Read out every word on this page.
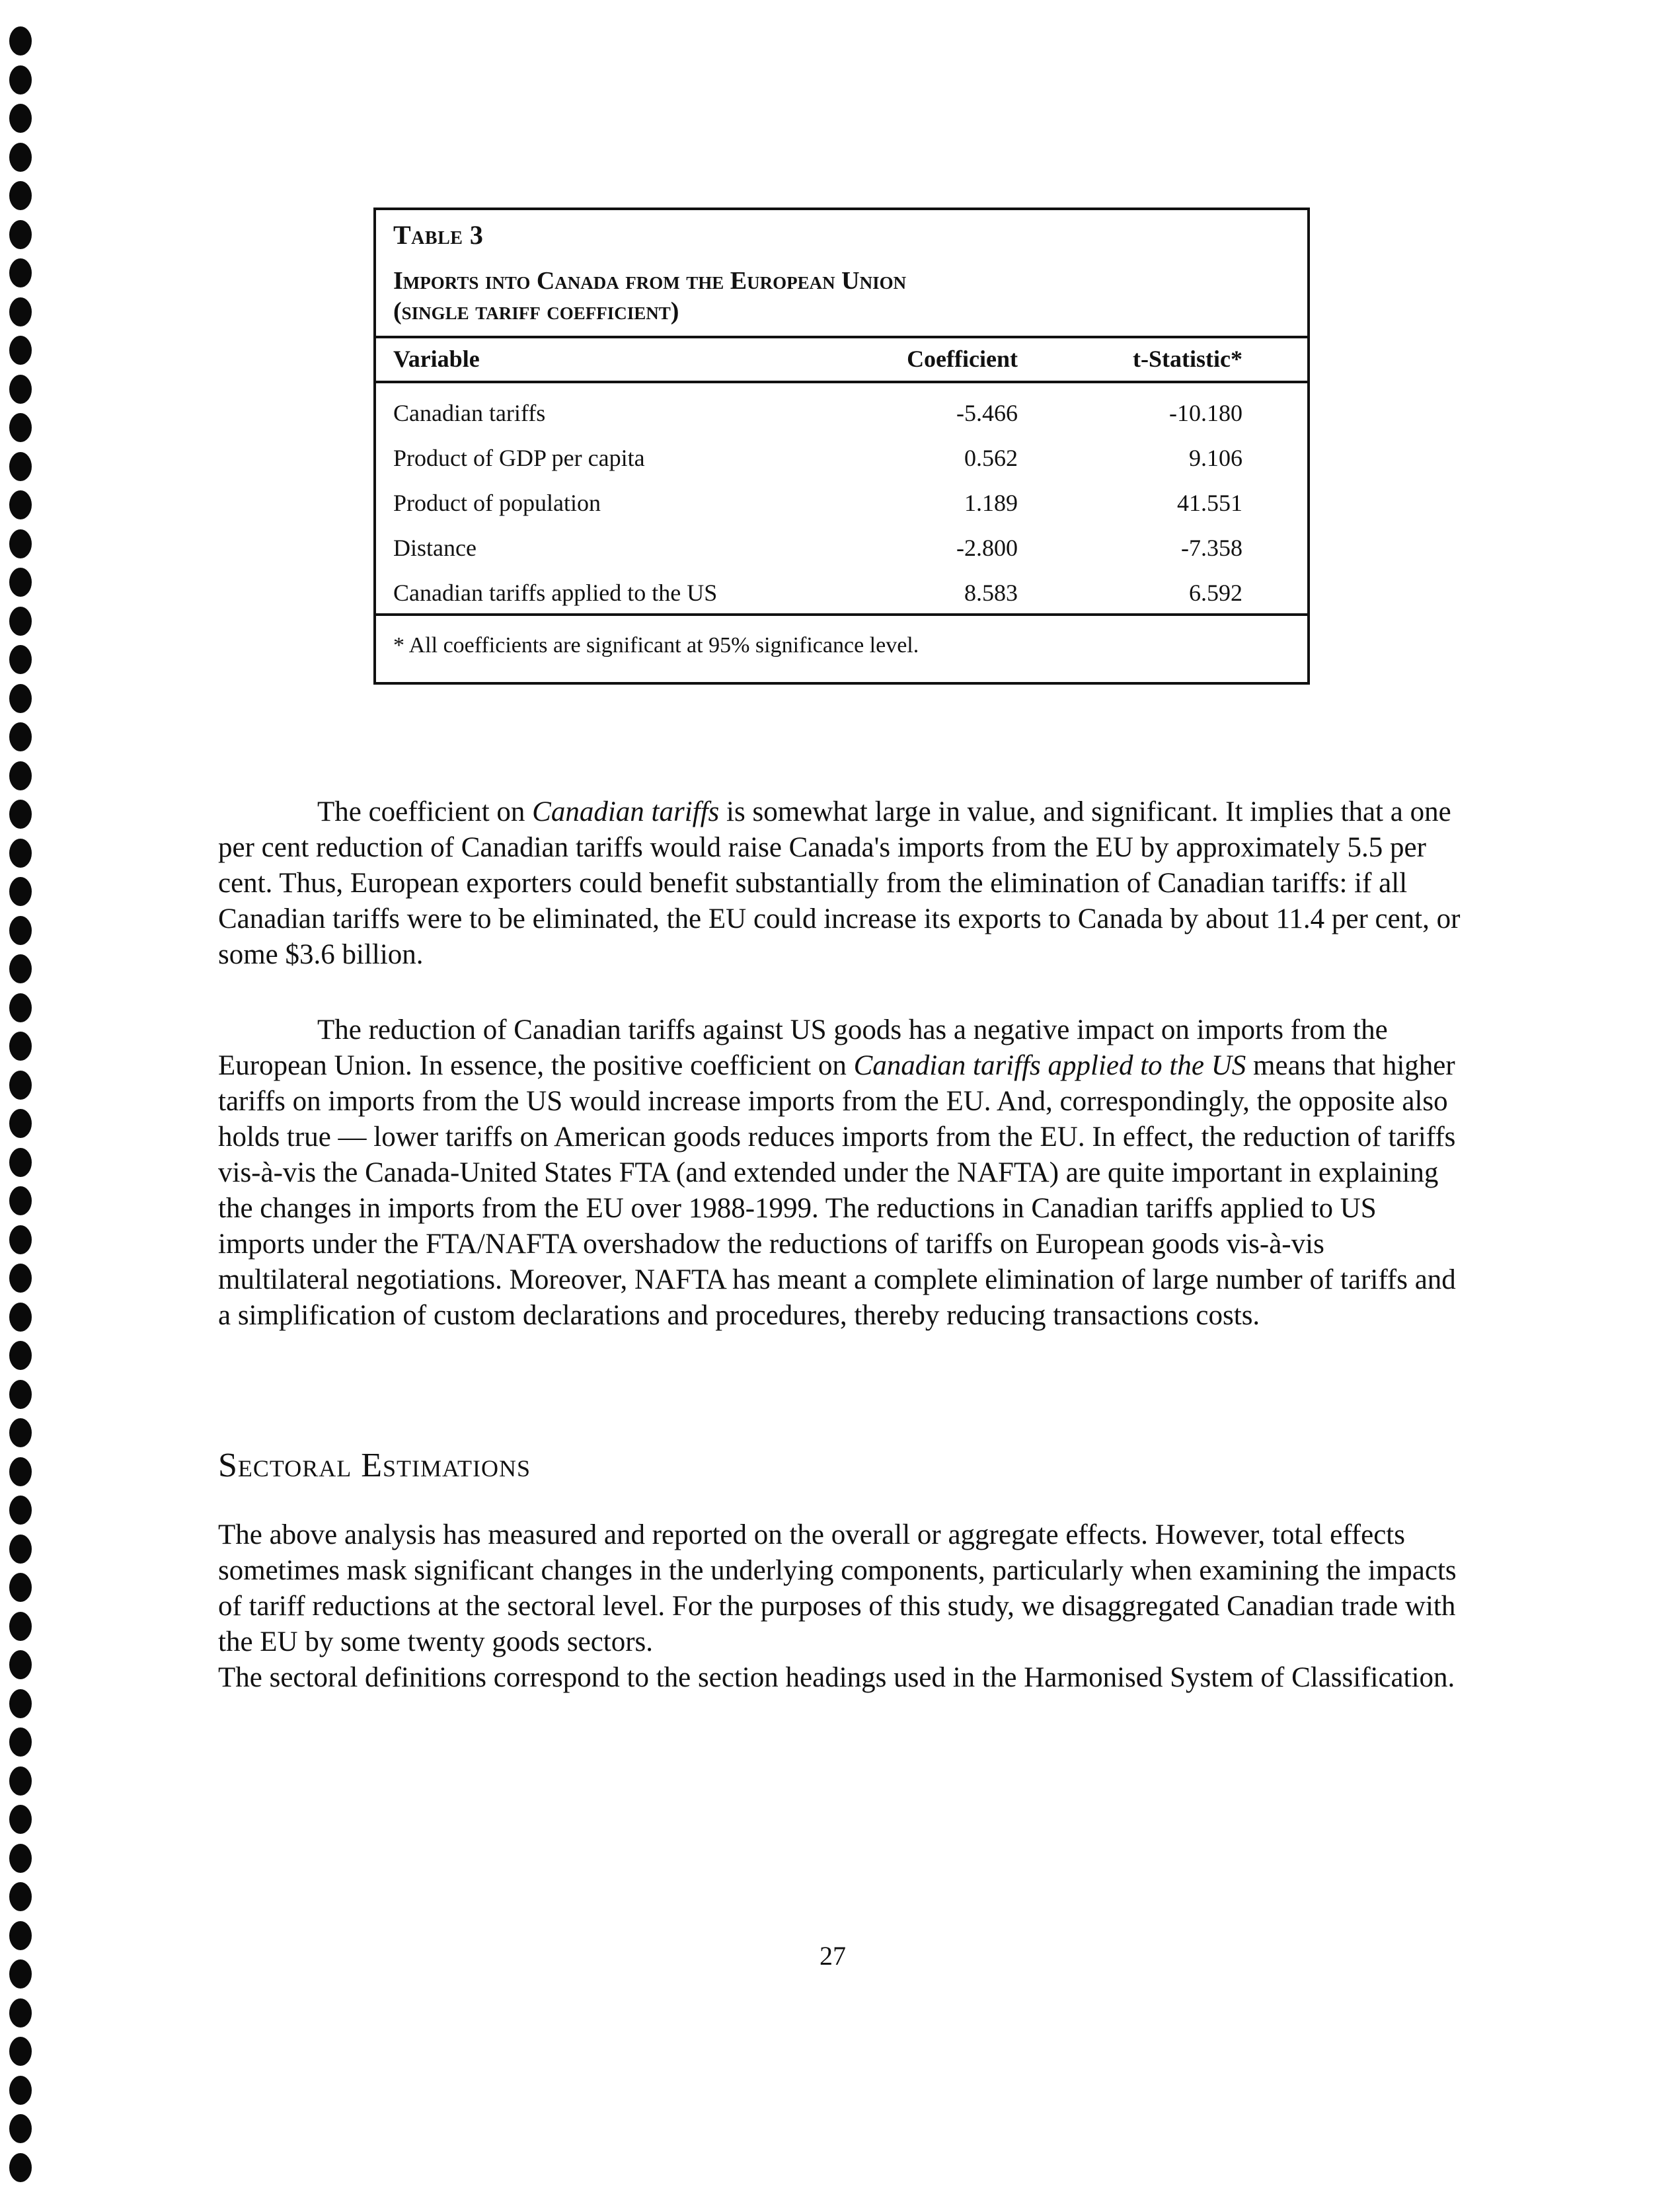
Table 3
Imports into Canada from the European Union
(single tariff coefficient)
Variable	Coefficient	t-Statistic*
Canadian tariffs	-5.466	-10.180
Product of GDP per capita	0.562	9.106
Product of population	1.189	41.551
Distance	-2.800	-7.358
Canadian tariffs applied to the US	8.583	6.592
* All coefficients are significant at 95% significance level.

The coefficient on Canadian tariffs is somewhat large in value, and significant. It implies that a one per cent reduction of Canadian tariffs would raise Canada's imports from the EU by approximately 5.5 per cent. Thus, European exporters could benefit substantially from the elimination of Canadian tariffs: if all Canadian tariffs were to be eliminated, the EU could increase its exports to Canada by about 11.4 per cent, or some $3.6 billion.

The reduction of Canadian tariffs against US goods has a negative impact on imports from the European Union. In essence, the positive coefficient on Canadian tariffs applied to the US means that higher tariffs on imports from the US would increase imports from the EU. And, correspondingly, the opposite also holds true — lower tariffs on American goods reduces imports from the EU. In effect, the reduction of tariffs vis-à-vis the Canada-United States FTA (and extended under the NAFTA) are quite important in explaining the changes in imports from the EU over 1988-1999. The reductions in Canadian tariffs applied to US imports under the FTA/NAFTA overshadow the reductions of tariffs on European goods vis-à-vis multilateral negotiations. Moreover, NAFTA has meant a complete elimination of large number of tariffs and a simplification of custom declarations and procedures, thereby reducing transactions costs.

Sectoral Estimations

The above analysis has measured and reported on the overall or aggregate effects. However, total effects sometimes mask significant changes in the underlying components, particularly when examining the impacts of tariff reductions at the sectoral level. For the purposes of this study, we disaggregated Canadian trade with the EU by some twenty goods sectors.
The sectoral definitions correspond to the section headings used in the Harmonised System of Classification.

27
